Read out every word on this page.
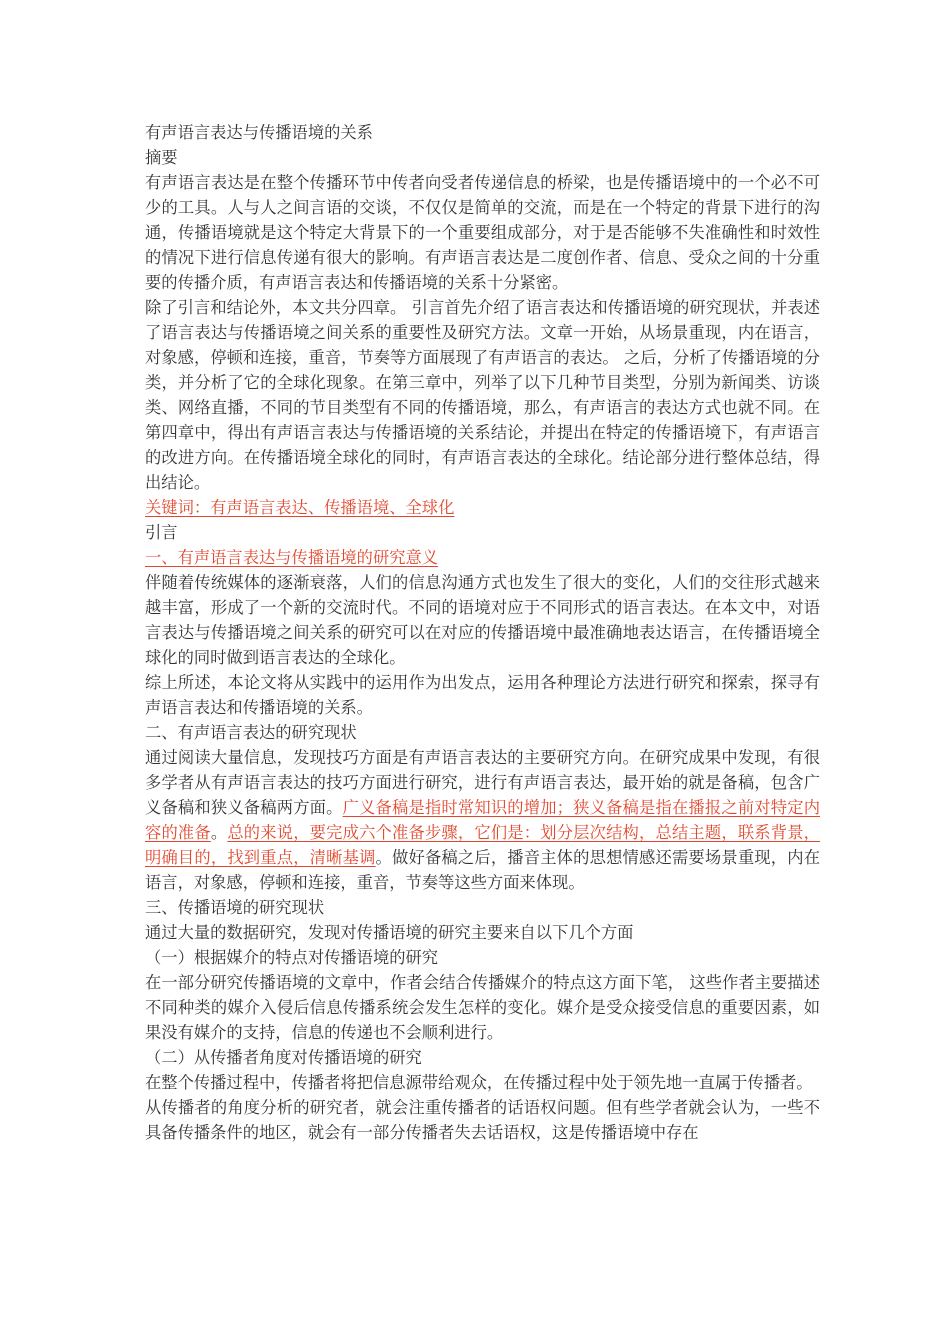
有声语言表达与传播语境的关系

摘要

有声语言表达是在整个传播环节中传者向受者传递信息的桥梁，也是传播语境中的一个必不可少的工具。人与人之间言语的交谈，不仅仅是简单的交流，而是在一个特定的背景下进行的沟通，传播语境就是这个特定大背景下的一个重要组成部分，对于是否能够不失准确性和时效性的情况下进行信息传递有很大的影响。有声语言表达是二度创作者、信息、受众之间的十分重要的传播介质，有声语言表达和传播语境的关系十分紧密。

除了引言和结论外，本文共分四章。 引言首先介绍了语言表达和传播语境的研究现状，并表述了语言表达与传播语境之间关系的重要性及研究方法。文章一开始，从场景重现，内在语言，对象感，停顿和连接，重音，节奏等方面展现了有声语言的表达。 之后，分析了传播语境的分类，并分析了它的全球化现象。在第三章中，列举了以下几种节目类型，分别为新闻类、访谈类、网络直播，不同的节目类型有不同的传播语境，那么，有声语言的表达方式也就不同。在第四章中，得出有声语言表达与传播语境的关系结论，并提出在特定的传播语境下，有声语言的改进方向。在传播语境全球化的同时，有声语言表达的全球化。结论部分进行整体总结，得出结论。

关键词：有声语言表达、传播语境、全球化

引言

一、有声语言表达与传播语境的研究意义

伴随着传统媒体的逐渐衰落，人们的信息沟通方式也发生了很大的变化，人们的交往形式越来越丰富，形成了一个新的交流时代。不同的语境对应于不同形式的语言表达。在本文中，对语言表达与传播语境之间关系的研究可以在对应的传播语境中最准确地表达语言，在传播语境全球化的同时做到语言表达的全球化。

综上所述，本论文将从实践中的运用作为出发点，运用各种理论方法进行研究和探索，探寻有声语言表达和传播语境的关系。

二、有声语言表达的研究现状

通过阅读大量信息，发现技巧方面是有声语言表达的主要研究方向。在研究成果中发现，有很多学者从有声语言表达的技巧方面进行研究，进行有声语言表达，最开始的就是备稿，包含广义备稿和狭义备稿两方面。广义备稿是指时常知识的增加；狭义备稿是指在播报之前对特定内容的准备。总的来说，要完成六个准备步骤，它们是：划分层次结构，总结主题，联系背景，明确目的，找到重点，清晰基调。做好备稿之后，播音主体的思想情感还需要场景重现，内在语言，对象感，停顿和连接，重音，节奏等这些方面来体现。

三、传播语境的研究现状

通过大量的数据研究，发现对传播语境的研究主要来自以下几个方面

（一）根据媒介的特点对传播语境的研究

在一部分研究传播语境的文章中，作者会结合传播媒介的特点这方面下笔， 这些作者主要描述不同种类的媒介入侵后信息传播系统会发生怎样的变化。媒介是受众接受信息的重要因素，如果没有媒介的支持，信息的传递也不会顺利进行。

（二）从传播者角度对传播语境的研究

在整个传播过程中，传播者将把信息源带给观众，在传播过程中处于领先地一直属于传播者。

从传播者的角度分析的研究者，就会注重传播者的话语权问题。但有些学者就会认为，一些不具备传播条件的地区，就会有一部分传播者失去话语权，这是传播语境中存在
